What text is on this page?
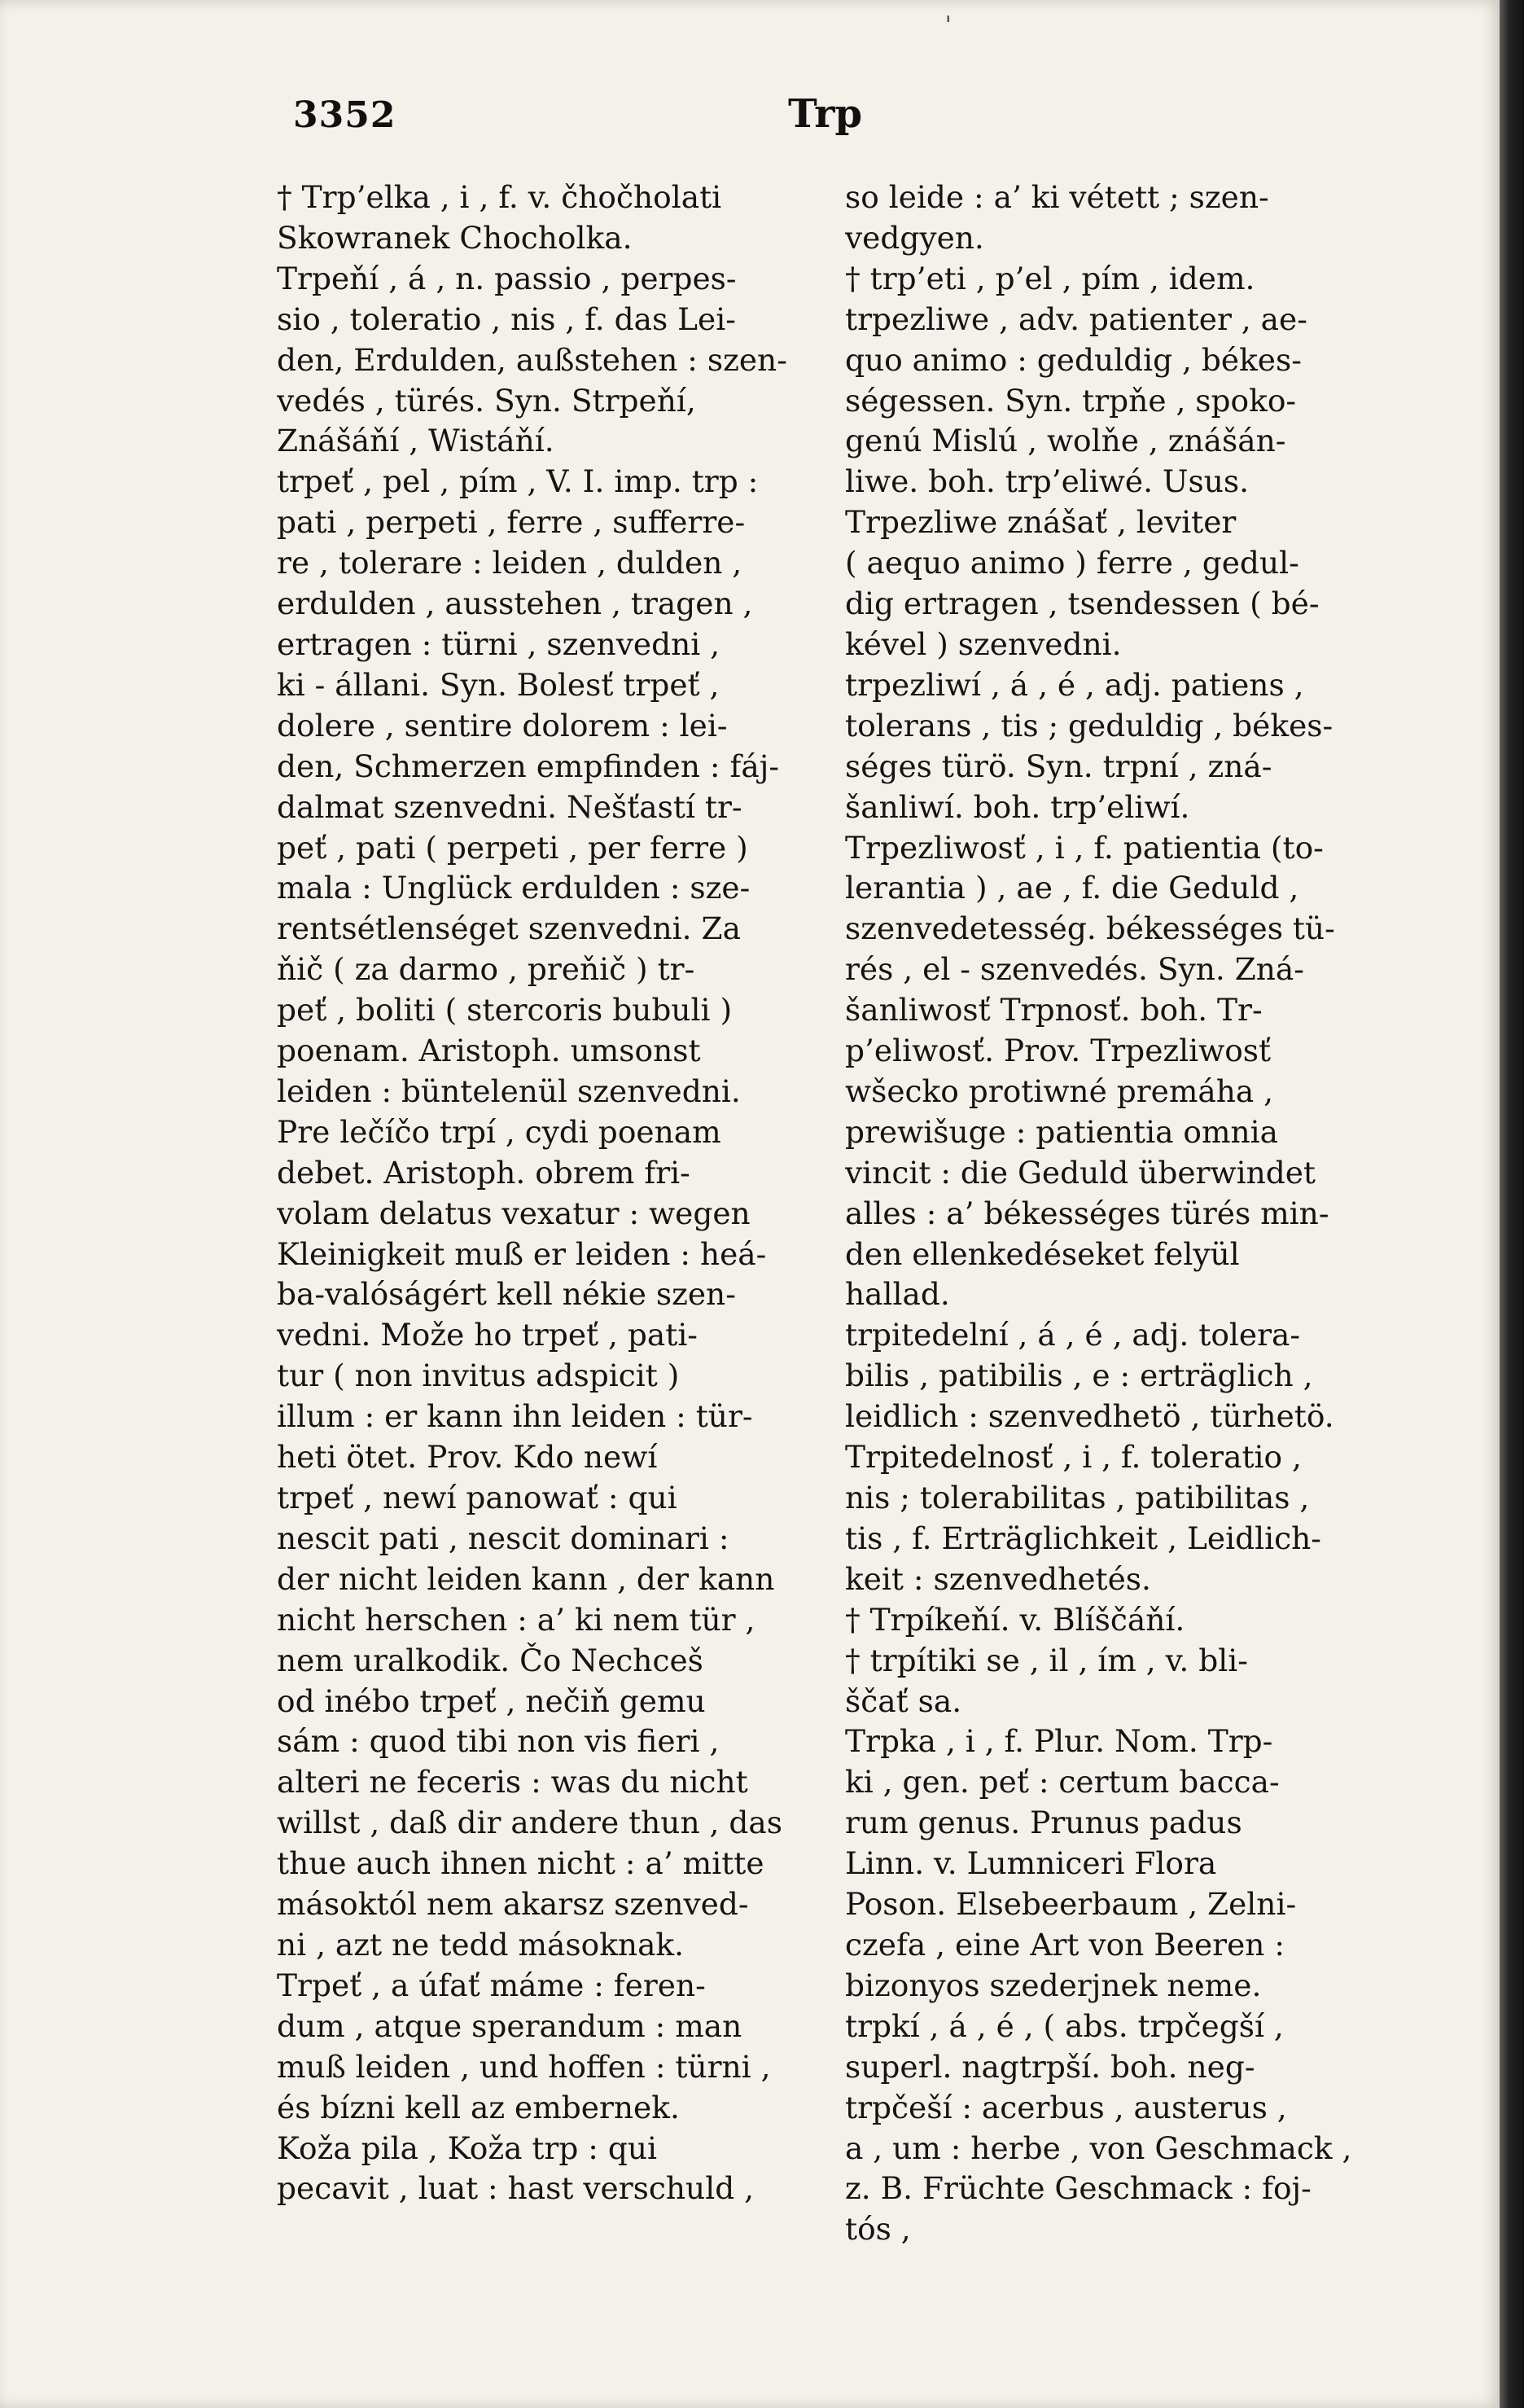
3352	Trp
† Trp’elka , i , f. v. čhočholati
Skowranek Chocholka.
Trpeňí , á , n. passio , perpes-
sio , toleratio , nis , f. das Lei-
den, Erdulden, außstehen : szen-
vedés , türés. Syn. Strpeňí,
Znášáňí , Wistáňí.
trpeť , pel , pím , V. I. imp. trp :
pati , perpeti , ferre , sufferre-
re , tolerare : leiden , dulden ,
erdulden , ausstehen , tragen ,
ertragen : türni , szenvedni ,
ki - állani. Syn. Bolesť trpeť ,
dolere , sentire dolorem : lei-
den, Schmerzen empfinden : fáj-
dalmat szenvedni. Nešťastí tr-
peť , pati ( perpeti , per ferre )
mala : Unglück erdulden : sze-
rentsétlenséget szenvedni. Za
ňič ( za darmo , preňič ) tr-
peť , boliti ( stercoris bubuli )
poenam. Aristoph. umsonst
leiden : büntelenül szenvedni.
Pre lečíčo trpí , cydi poenam
debet. Aristoph. obrem fri-
volam delatus vexatur : wegen
Kleinigkeit muß er leiden : heá-
ba-valóságért kell nékie szen-
vedni. Može ho trpeť , pati-
tur ( non invitus adspicit )
illum : er kann ihn leiden : tür-
heti ötet. Prov. Kdo newí
trpeť , newí panowať : qui
nescit pati , nescit dominari :
der nicht leiden kann , der kann
nicht herschen : a’ ki nem tür ,
nem uralkodik. Čo Nechceš
od inébo trpeť , nečiň gemu
sám : quod tibi non vis fieri ,
alteri ne feceris : was du nicht
willst , daß dir andere thun , das
thue auch ihnen nicht : a’ mitte
másoktól nem akarsz szenved-
ni , azt ne tedd másoknak.
Trpeť , a úfať máme : feren-
dum , atque sperandum : man
muß leiden , und hoffen : türni ,
és bízni kell az embernek.
Koža pila , Koža trp : qui
pecavit , luat : hast verschuld ,
so leide : a’ ki vétett ; szen-
vedgyen.
† trp’eti , p’el , pím , idem.
trpezliwe , adv. patienter , ae-
quo animo : geduldig , békes-
ségessen. Syn. trpňe , spoko-
genú Mislú , wolňe , znášán-
liwe. boh. trp’eliwé. Usus.
Trpezliwe znášať , leviter
( aequo animo ) ferre , gedul-
dig ertragen , tsendessen ( bé-
kével ) szenvedni.
trpezliwí , á , é , adj. patiens ,
tolerans , tis ; geduldig , békes-
séges türö. Syn. trpní , zná-
šanliwí. boh. trp’eliwí.
Trpezliwosť , i , f. patientia (to-
lerantia ) , ae , f. die Geduld ,
szenvedetesség. békességes tü-
rés , el - szenvedés. Syn. Zná-
šanliwosť Trpnosť. boh. Tr-
p’eliwosť. Prov. Trpezliwosť
wšecko protiwné premáha ,
prewišuge : patientia omnia
vincit : die Geduld überwindet
alles : a’ békességes türés min-
den ellenkedéseket felyül
hallad.
trpitedelní , á , é , adj. tolera-
bilis , patibilis , e : erträglich ,
leidlich : szenvedhetö , türhetö.
Trpitedelnosť , i , f. toleratio ,
nis ; tolerabilitas , patibilitas ,
tis , f. Erträglichkeit , Leidlich-
keit : szenvedhetés.
† Trpíkeňí. v. Blíščáňí.
† trpítiki se , il , ím , v. bli-
ščať sa.
Trpka , i , f. Plur. Nom. Trp-
ki , gen. peť : certum bacca-
rum genus. Prunus padus
Linn. v. Lumniceri Flora
Poson. Elsebeerbaum , Zelni-
czefa , eine Art von Beeren :
bizonyos szederjnek neme.
trpkí , á , é , ( abs. trpčegší ,
superl. nagtrpší. boh. neg-
trpčeší : acerbus , austerus ,
a , um : herbe , von Geschmack ,
z. B. Früchte Geschmack : foj-
tós ,
ˈ
